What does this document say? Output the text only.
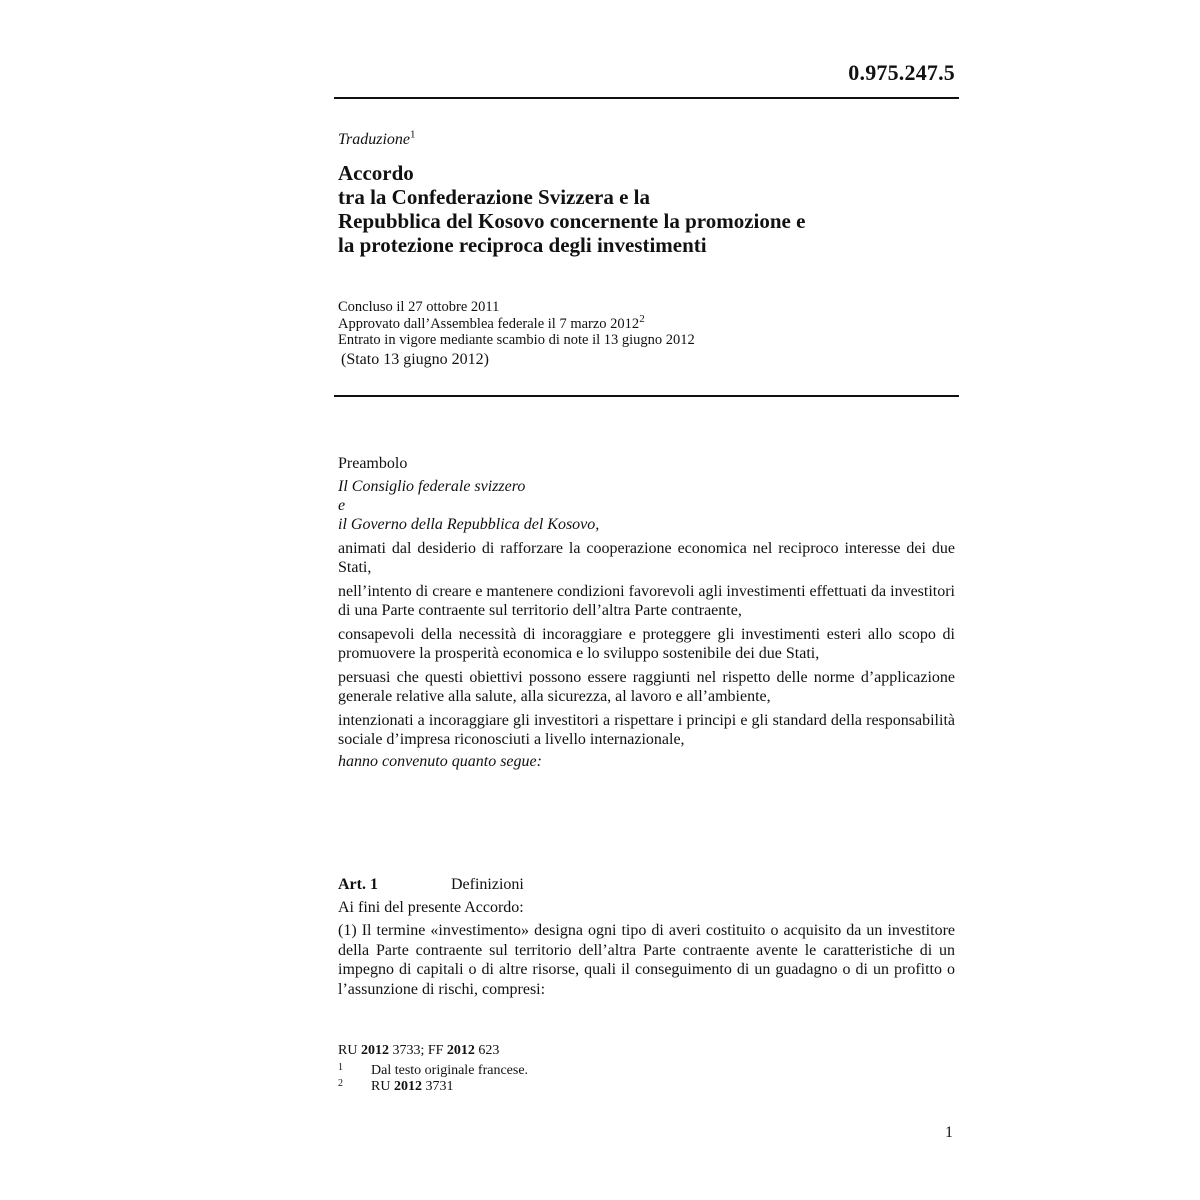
0.975.247.5
Traduzione$^1$
Accordo
tra la Confederazione Svizzera e la
Repubblica del Kosovo concernente la promozione e
la protezione reciproca degli investimenti
Concluso il 27 ottobre 2011
Approvato dall’Assemblea federale il 7 marzo 2012$^2$
Entrato in vigore mediante scambio di note il 13 giugno 2012
(Stato 13 giugno 2012)
Preambolo
Il Consiglio federale svizzero
e
il Governo della Repubblica del Kosovo,
animati dal desiderio di rafforzare la cooperazione economica nel reciproco interesse dei due Stati,
nell’intento di creare e mantenere condizioni favorevoli agli investimenti effettuati da investitori di una Parte contraente sul territorio dell’altra Parte contraente,
consapevoli della necessità di incoraggiare e proteggere gli investimenti esteri allo scopo di promuovere la prosperità economica e lo sviluppo sostenibile dei due Stati,
persuasi che questi obiettivi possono essere raggiunti nel rispetto delle norme d’applicazione generale relative alla salute, alla sicurezza, al lavoro e all’ambiente,
intenzionati a incoraggiare gli investitori a rispettare i principi e gli standard della responsabilità sociale d’impresa riconosciuti a livello internazionale,
hanno convenuto quanto segue:
Art. 1	Definizioni
Ai fini del presente Accordo:
(1) Il termine «investimento» designa ogni tipo di averi costituito o acquisito da un investitore della Parte contraente sul territorio dell’altra Parte contraente avente le caratteristiche di un impegno di capitali o di altre risorse, quali il conseguimento di un guadagno o di un profitto o l’assunzione di rischi, compresi:
RU 2012 3733; FF 2012 623
1	Dal testo originale francese.
2	RU 2012 3731
1
